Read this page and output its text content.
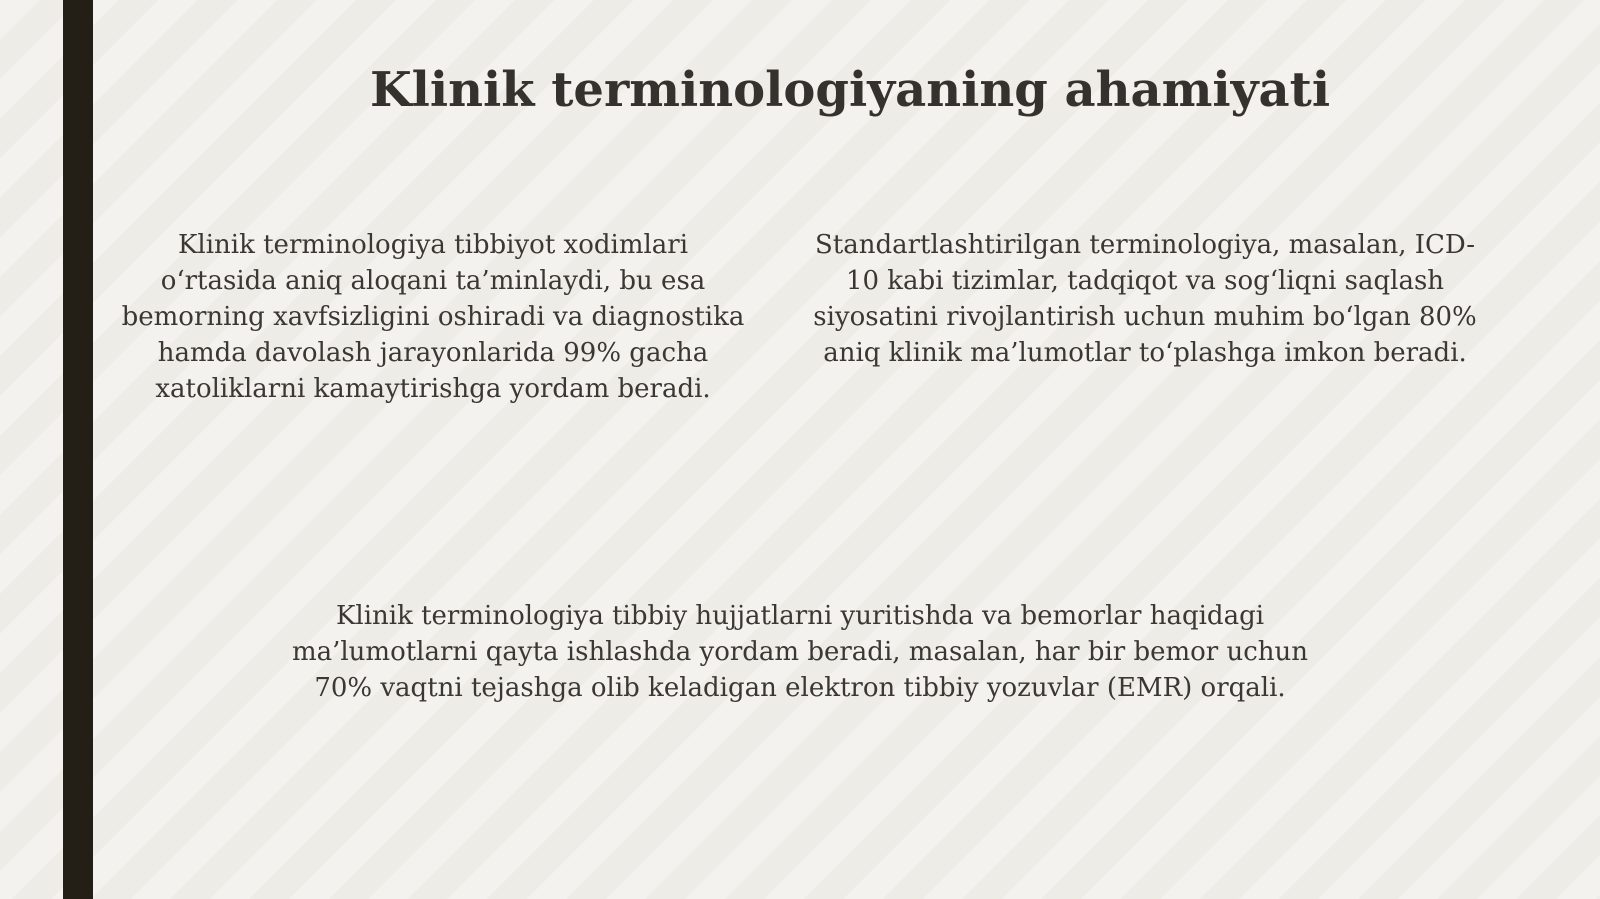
Klinik terminologiyaning ahamiyati

Klinik terminologiya tibbiyot xodimlari o‘rtasida aniq aloqani ta’minlaydi, bu esa bemorning xavfsizligini oshiradi va diagnostika hamda davolash jarayonlarida 99% gacha xatoliklarni kamaytirishga yordam beradi.

Standartlashtirilgan terminologiya, masalan, ICD-10 kabi tizimlar, tadqiqot va sog‘liqni saqlash siyosatini rivojlantirish uchun muhim bo‘lgan 80% aniq klinik ma’lumotlar to‘plashga imkon beradi.

Klinik terminologiya tibbiy hujjatlarni yuritishda va bemorlar haqidagi ma’lumotlarni qayta ishlashda yordam beradi, masalan, har bir bemor uchun 70% vaqtni tejashga olib keladigan elektron tibbiy yozuvlar (EMR) orqali.
